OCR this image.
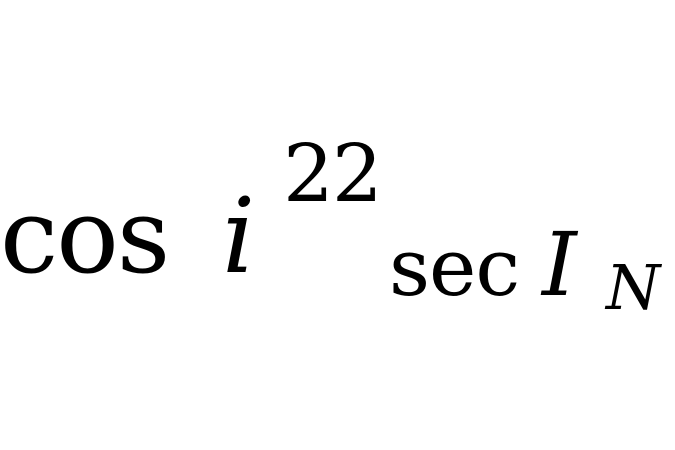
cos i
22
sec I N
